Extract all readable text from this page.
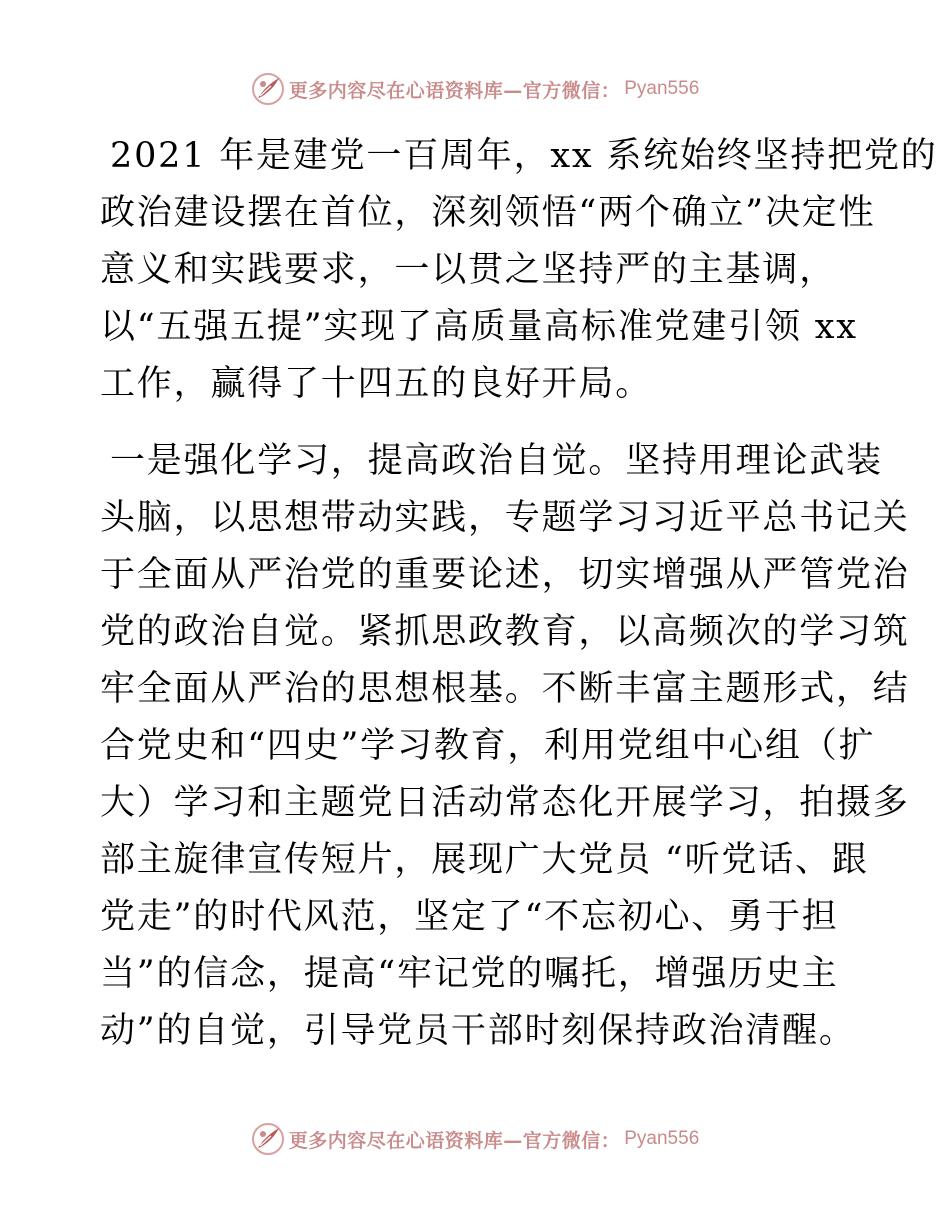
更多内容尽在心语资料库—官方微信： Pyan556
2021 年是建党一百周年，xx 系统始终坚持把党的
政治建设摆在首位，深刻领悟“两个确立”决定性
意义和实践要求，一以贯之坚持严的主基调，
以“五强五提”实现了高质量高标准党建引领 xx
工作，赢得了十四五的良好开局。
一是强化学习，提高政治自觉。坚持用理论武装
头脑，以思想带动实践，专题学习习近平总书记关
于全面从严治党的重要论述，切实增强从严管党治
党的政治自觉。紧抓思政教育，以高频次的学习筑
牢全面从严治的思想根基。不断丰富主题形式，结
合党史和“四史”学习教育，利用党组中心组（扩
大）学习和主题党日活动常态化开展学习，拍摄多
部主旋律宣传短片，展现广大党员 “听党话、跟
党走”的时代风范，坚定了“不忘初心、勇于担
当”的信念，提高“牢记党的嘱托，增强历史主
动”的自觉，引导党员干部时刻保持政治清醒。
更多内容尽在心语资料库—官方微信： Pyan556
